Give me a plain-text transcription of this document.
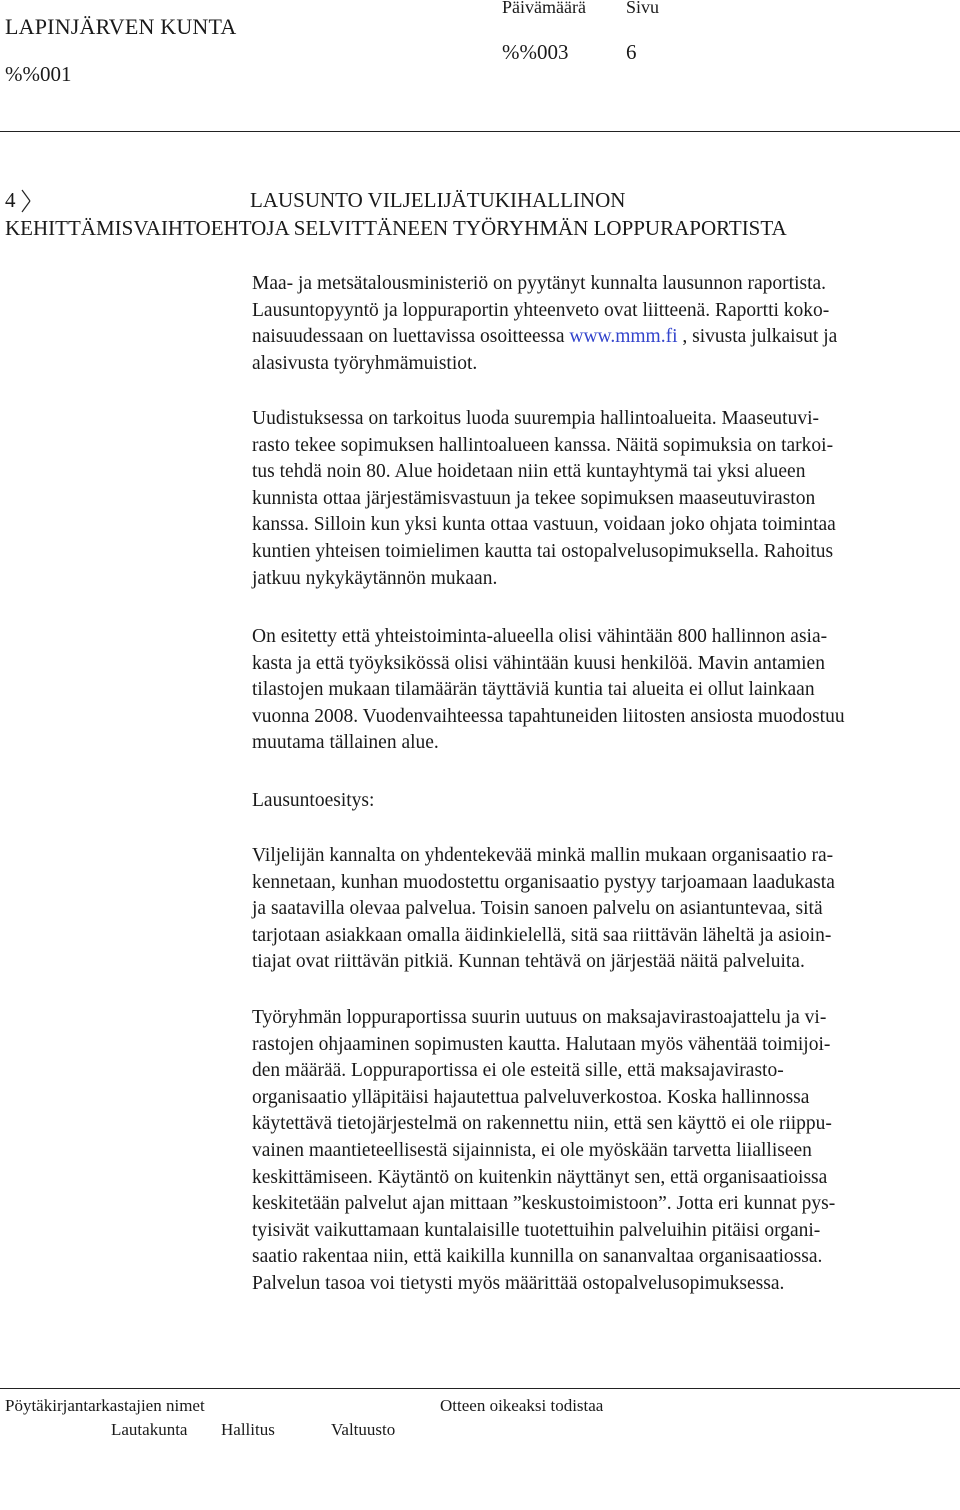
LAPINJÄRVEN KUNTA
%%001
Päivämäärä Sivu
%%003	6
4	LAUSUNTO VILJELIJÄTUKIHALLINON
KEHITTÄMISVAIHTOEHTOJA SELVITTÄNEEN TYÖRYHMÄN LOPPURAPORTISTA
Maa- ja metsätalousministeriö on pyytänyt kunnalta lausunnon raportista.
Lausuntopyyntö ja loppuraportin yhteenveto ovat liitteenä. Raportti koko-
naisuudessaan on luettavissa osoitteessa www.mmm.fi , sivusta julkaisut ja
alasivusta työryhmämuistiot.
Uudistuksessa on tarkoitus luoda suurempia hallintoalueita. Maaseutuvi-
rasto tekee sopimuksen hallintoalueen kanssa. Näitä sopimuksia on tarkoi-
tus tehdä noin 80. Alue hoidetaan niin että kuntayhtymä tai yksi alueen
kunnista ottaa järjestämisvastuun ja tekee sopimuksen maaseutuviraston
kanssa. Silloin kun yksi kunta ottaa vastuun, voidaan joko ohjata toimintaa
kuntien yhteisen toimielimen kautta tai ostopalvelusopimuksella. Rahoitus
jatkuu nykykäytännön mukaan.
On esitetty että yhteistoiminta-alueella olisi vähintään 800 hallinnon asia-
kasta ja että työyksikössä olisi vähintään kuusi henkilöä. Mavin antamien
tilastojen mukaan tilamäärän täyttäviä kuntia tai alueita ei ollut lainkaan
vuonna 2008. Vuodenvaihteessa tapahtuneiden liitosten ansiosta muodostuu
muutama tällainen alue.
Lausuntoesitys:
Viljelijän kannalta on yhdentekevää minkä mallin mukaan organisaatio ra-
kennetaan, kunhan muodostettu organisaatio pystyy tarjoamaan laadukasta
ja saatavilla olevaa palvelua. Toisin sanoen palvelu on asiantuntevaa, sitä
tarjotaan asiakkaan omalla äidinkielellä, sitä saa riittävän läheltä ja asioin-
tiajat ovat riittävän pitkiä. Kunnan tehtävä on järjestää näitä palveluita.
Työryhmän loppuraportissa suurin uutuus on maksajavirastoajattelu ja vi-
rastojen ohjaaminen sopimusten kautta. Halutaan myös vähentää toimijoi-
den määrää. Loppuraportissa ei ole esteitä sille, että maksajavirasto-
organisaatio ylläpitäisi hajautettua palveluverkostoa. Koska hallinnossa
käytettävä tietojärjestelmä on rakennettu niin, että sen käyttö ei ole riippu-
vainen maantieteellisestä sijainnista, ei ole myöskään tarvetta liialliseen
keskittämiseen. Käytäntö on kuitenkin näyttänyt sen, että organisaatioissa
keskitetään palvelut ajan mittaan ”keskustoimistoon”. Jotta eri kunnat pys-
tyisivät vaikuttamaan kuntalaisille tuotettuihin palveluihin pitäisi organi-
saatio rakentaa niin, että kaikilla kunnilla on sananvaltaa organisaatiossa.
Palvelun tasoa voi tietysti myös määrittää ostopalvelusopimuksessa.
Pöytäkirjantarkastajien nimet	Otteen oikeaksi todistaa
Lautakunta Hallitus	Valtuusto
